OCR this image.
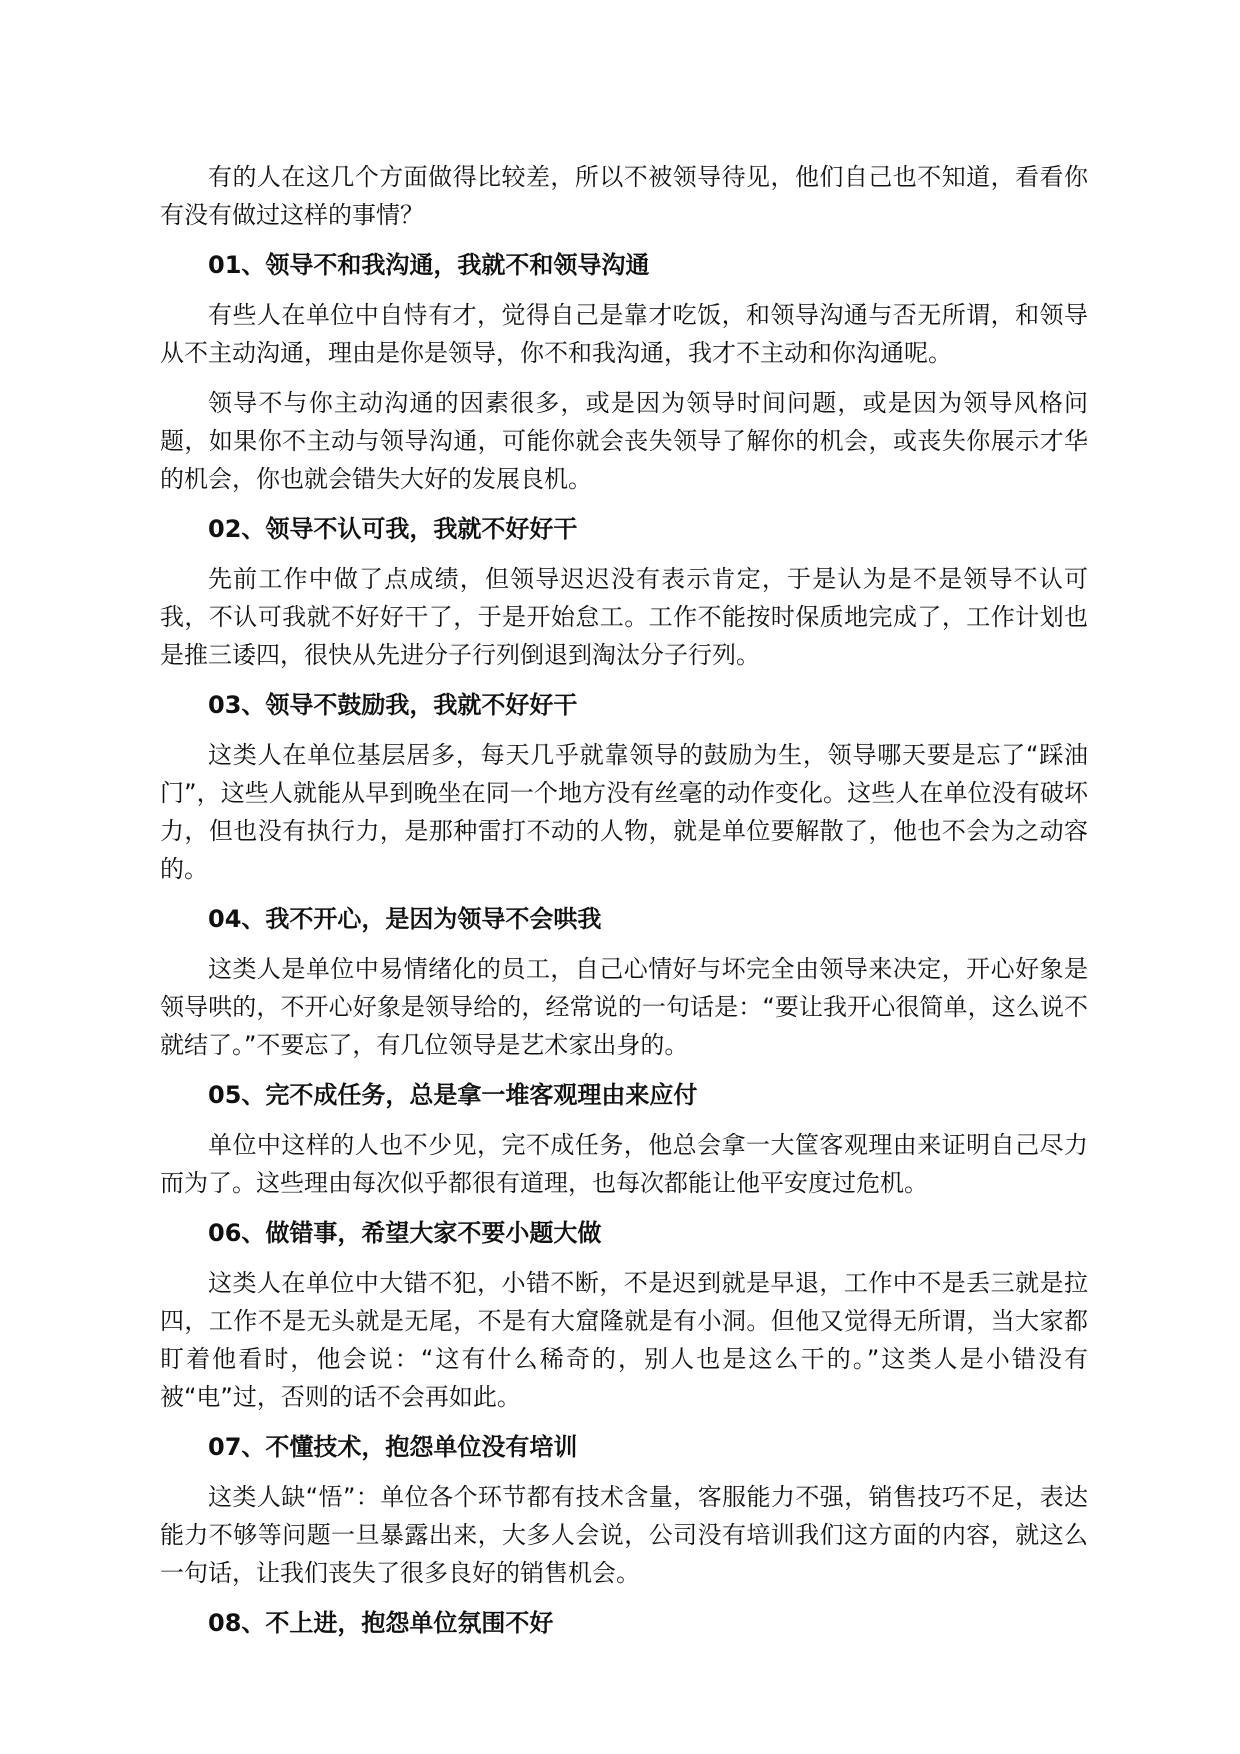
有的人在这几个方面做得比较差，所以不被领导待见，他们自己也不知道，看看你有没有做过这样的事情？

01、领导不和我沟通，我就不和领导沟通

有些人在单位中自恃有才，觉得自己是靠才吃饭，和领导沟通与否无所谓，和领导从不主动沟通，理由是你是领导，你不和我沟通，我才不主动和你沟通呢。

领导不与你主动沟通的因素很多，或是因为领导时间问题，或是因为领导风格问题，如果你不主动与领导沟通，可能你就会丧失领导了解你的机会，或丧失你展示才华的机会，你也就会错失大好的发展良机。

02、领导不认可我，我就不好好干

先前工作中做了点成绩，但领导迟迟没有表示肯定，于是认为是不是领导不认可我，不认可我就不好好干了，于是开始怠工。工作不能按时保质地完成了，工作计划也是推三诿四，很快从先进分子行列倒退到淘汰分子行列。

03、领导不鼓励我，我就不好好干

这类人在单位基层居多，每天几乎就靠领导的鼓励为生，领导哪天要是忘了“踩油门”，这些人就能从早到晚坐在同一个地方没有丝毫的动作变化。这些人在单位没有破坏力，但也没有执行力，是那种雷打不动的人物，就是单位要解散了，他也不会为之动容的。

04、我不开心，是因为领导不会哄我

这类人是单位中易情绪化的员工，自己心情好与坏完全由领导来决定，开心好象是领导哄的，不开心好象是领导给的，经常说的一句话是：“要让我开心很简单，这么说不就结了。”不要忘了，有几位领导是艺术家出身的。

05、完不成任务，总是拿一堆客观理由来应付

单位中这样的人也不少见，完不成任务，他总会拿一大筐客观理由来证明自己尽力而为了。这些理由每次似乎都很有道理，也每次都能让他平安度过危机。

06、做错事，希望大家不要小题大做

这类人在单位中大错不犯，小错不断，不是迟到就是早退，工作中不是丢三就是拉四，工作不是无头就是无尾，不是有大窟隆就是有小洞。但他又觉得无所谓，当大家都盯着他看时，他会说：“这有什么稀奇的，别人也是这么干的。”这类人是小错没有被“电”过，否则的话不会再如此。

07、不懂技术，抱怨单位没有培训

这类人缺“悟”：单位各个环节都有技术含量，客服能力不强，销售技巧不足，表达能力不够等问题一旦暴露出来，大多人会说，公司没有培训我们这方面的内容，就这么一句话，让我们丧失了很多良好的销售机会。

08、不上进，抱怨单位氛围不好
